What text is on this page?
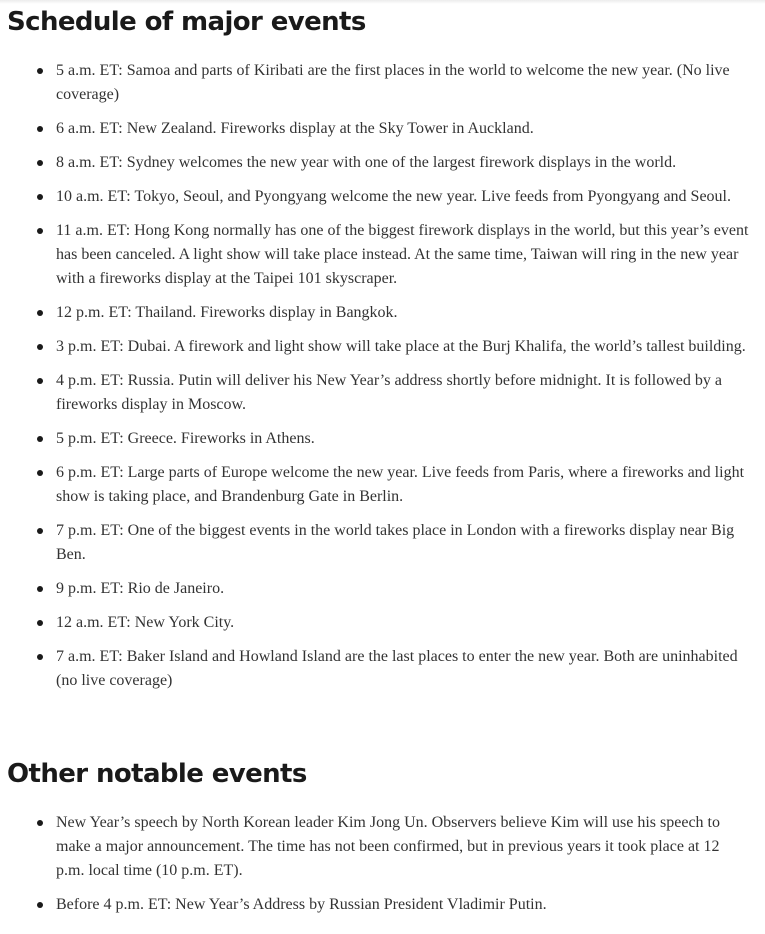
Schedule of major events
5 a.m. ET: Samoa and parts of Kiribati are the first places in the world to welcome the new year. (No live coverage)
6 a.m. ET: New Zealand. Fireworks display at the Sky Tower in Auckland.
8 a.m. ET: Sydney welcomes the new year with one of the largest firework displays in the world.
10 a.m. ET: Tokyo, Seoul, and Pyongyang welcome the new year. Live feeds from Pyongyang and Seoul.
11 a.m. ET: Hong Kong normally has one of the biggest firework displays in the world, but this year’s event has been canceled. A light show will take place instead. At the same time, Taiwan will ring in the new year with a fireworks display at the Taipei 101 skyscraper.
12 p.m. ET: Thailand. Fireworks display in Bangkok.
3 p.m. ET: Dubai. A firework and light show will take place at the Burj Khalifa, the world’s tallest building.
4 p.m. ET: Russia. Putin will deliver his New Year’s address shortly before midnight. It is followed by a fireworks display in Moscow.
5 p.m. ET: Greece. Fireworks in Athens.
6 p.m. ET: Large parts of Europe welcome the new year. Live feeds from Paris, where a fireworks and light show is taking place, and Brandenburg Gate in Berlin.
7 p.m. ET: One of the biggest events in the world takes place in London with a fireworks display near Big Ben.
9 p.m. ET: Rio de Janeiro.
12 a.m. ET: New York City.
7 a.m. ET: Baker Island and Howland Island are the last places to enter the new year. Both are uninhabited (no live coverage)
Other notable events
New Year’s speech by North Korean leader Kim Jong Un. Observers believe Kim will use his speech to make a major announcement. The time has not been confirmed, but in previous years it took place at 12 p.m. local time (10 p.m. ET).
Before 4 p.m. ET: New Year’s Address by Russian President Vladimir Putin.
